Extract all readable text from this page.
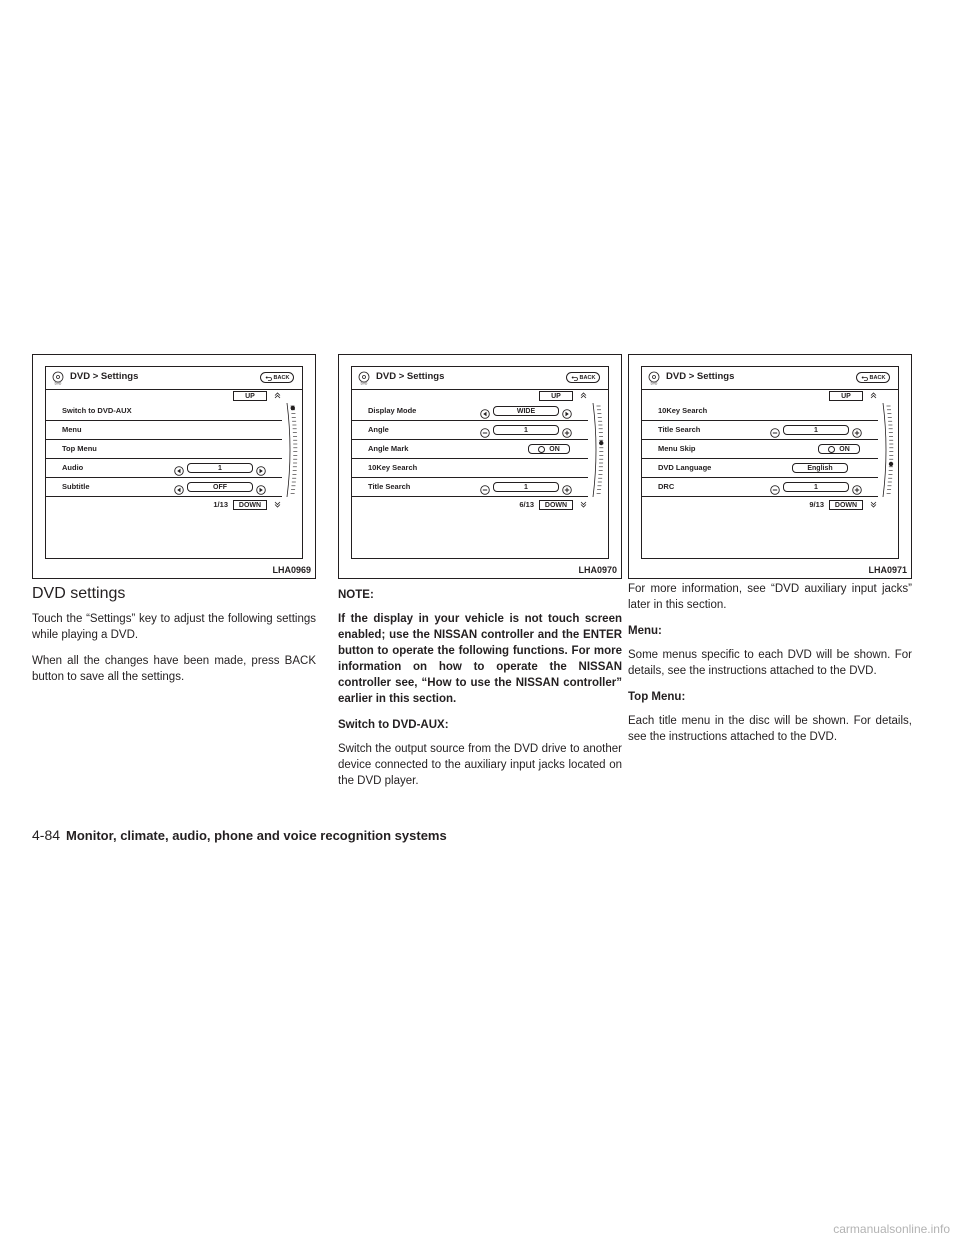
DVD
DVD > Settings	BACK
UP
Switch to DVD-AUX
Menu
Top Menu
Audio	1
Subtitle	OFF
1/13	DOWN
LHA0969
DVD
DVD > Settings	BACK
UP
Display Mode	WIDE
Angle	1
Angle Mark	ON
10Key Search
Title Search	1
6/13	DOWN
LHA0970
DVD
DVD > Settings	BACK
UP
10Key Search
Title Search	1
Menu Skip	ON
DVD Language	English
DRC	1
9/13	DOWN
LHA0971
DVD settings

Touch the “Settings” key to adjust the following settings while playing a DVD.

When all the changes have been made, press BACK button to save all the settings.

NOTE:

If the display in your vehicle is not touch screen enabled; use the NISSAN controller and the ENTER button to operate the following functions. For more information on how to operate the NISSAN controller see, “How to use the NISSAN controller” earlier in this section.

Switch to DVD-AUX:

Switch the output source from the DVD drive to another device connected to the auxiliary input jacks located on the DVD player.

For more information, see “DVD auxiliary input jacks” later in this section.

Menu:

Some menus specific to each DVD will be shown. For details, see the instructions attached to the DVD.

Top Menu:

Each title menu in the disc will be shown. For details, see the instructions attached to the DVD.

4-84 Monitor, climate, audio, phone and voice recognition systems
carmanualsonline.info
